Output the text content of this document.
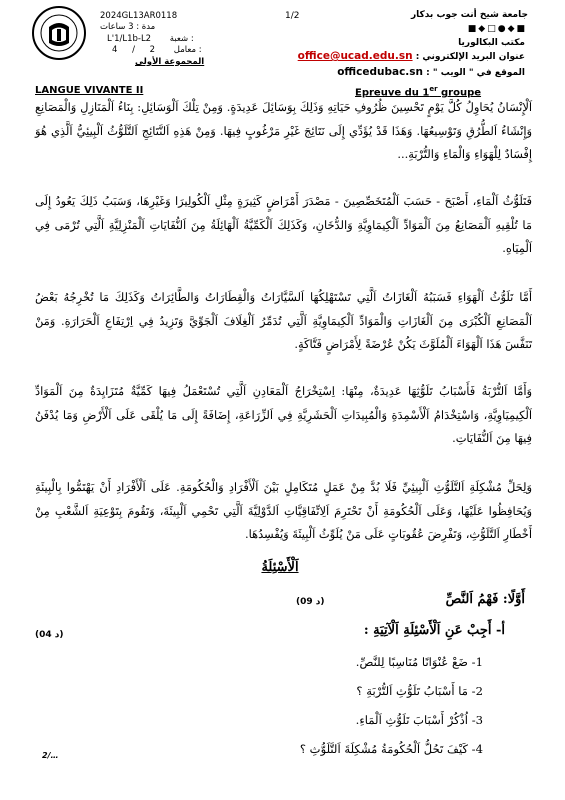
2024GL13AR0118
مدة : 3 ساعات
L'1/L1b-L2 شعبة :
4 / 2 معامل :
المجموعة الأولى
1/2	جامعة شيخ أنت جوب بدكار
■ ◆ □ ● ◆ ■
مكتب البكالوريا
عنوان البريد الإلكتروني : office@ucad.edu.sn
الموقع في " الويب " : officedubac.sn
LANGUE VIVANTE II	Epreuve du 1er groupe
اَلْإِنْسَانُ يُحَاوِلُ كُلَّ يَوْمٍ تَحْسِينَ ظُرُوفِ حَيَاتِهِ وَذَلِكَ بِوَسَائِلَ عَدِيدَةٍ. وَمِنْ تِلْكَ اَلْوَسَائِلِ: بِنَاءُ اَلْمَنَازِلِ وَالْمَصَانِعِ وَإِنْشَاءُ اَلطُّرُقِ وَتَوْسِيعُهَا. وَهَذَا قَدْ يُؤَدِّي إِلَى نَتَائِجَ غَيْرِ مَرْغُوبٍ فِيهَا. وَمِنْ هَذِهِ اَلنَّتَائِجِ اَلتَّلَوُّثُ اَلْبِيئِيُّ اَلَّذِي هُوَ إِفْسَادٌ لِلْهَوَاءِ وَالْمَاءِ وَالتُّرْبَةِ...
فَتَلَوُّثُ اَلْمَاءِ، أَصْبَحَ - حَسَبَ اَلْمُتَخَصِّصِينَ - مَصْدَرَ أَمْرَاضٍ كَثِيرَةٍ مِثْلِ اَلْكُولِيرَا وَغَيْرِهَا، وَسَبَبُ ذَلِكَ يَعُودُ إِلَى مَا تُلْقِيهِ اَلْمَصَانِعُ مِنَ اَلْمَوَادِّ اَلْكِيمَاوِيَّةِ وَالدُّخَانِ، وَكَذَلِكَ اَلْكَمِّيَّةُ اَلْهَائِلَةُ مِنَ اَلنُّفَايَاتِ اَلْمَنْزِلِيَّةِ اَلَّتِي تُرْمَى فِي اَلْمِيَاهِ.
أَمَّا تَلَوُّثُ اَلْهَوَاءِ فَسَبَبُهُ اَلْغَازَاتُ اَلَّتِي تَسْتَهْلِكُهَا اَلسَّيَّارَاتُ وَالْقِطَارَاتُ وَالطَّائِرَاتُ وَكَذَلِكَ مَا تُخْرِجُهُ بَعْضُ اَلْمَصَانِعِ اَلْكُبْرَى مِنَ اَلْغَازَاتِ وَالْمَوَادِّ اَلْكِيمَاوِيَّةِ اَلَّتِي تُدَمِّرُ اَلْغِلَافَ اَلْجَوِّيَّ وَتَزِيدُ فِي اِرْتِفَاعِ اَلْحَرَارَةِ. وَمَنْ تَنَفَّسَ هَذَا اَلْهَوَاءَ اَلْمُلَوَّثَ يَكُنْ عُرْضَةً لِأَمْرَاضٍ فَتَّاكَةٍ.
وَأَمَّا اَلتُّرْبَةُ فَأَسْبَابُ تَلَوُّثِهَا عَدِيدَةٌ، مِنْهَا: اِسْتِخْرَاجُ اَلْمَعَادِنِ اَلَّتِي تُسْتَعْمَلُ فِيهَا كَمِّيَّةٌ مُتَزَايِدَةٌ مِنَ اَلْمَوَادِّ اَلْكِيمِيَاوِيَّةِ، وَاسْتِخْدَامُ اَلْأَسْمِدَةِ وَالْمُبِيدَاتِ اَلْحَشَرِيَّةِ فِي اَلزِّرَاعَةِ، إِضَافَةً إِلَى مَا يُلْقَى عَلَى اَلْأَرْضِ وَمَا يُدْفَنُ فِيهَا مِنَ اَلنُّفَايَاتِ.
وَلِحَلِّ مُشْكِلَةِ اَلتَّلَوُّثِ اَلْبِيئِيِّ فَلَا بُدَّ مِنْ عَمَلٍ مُتَكَامِلٍ بَيْنَ اَلْأَفْرَادِ وَالْحُكُومَةِ. عَلَى اَلْأَفْرَادِ أَنْ يَهْتَمُّوا بِالْبِيئَةِ وَيُحَافِظُوا عَلَيْهَا، وَعَلَى اَلْحُكُومَةِ أَنْ تَحْتَرِمَ اَلِاتِّفَاقِيَّاتِ اَلدَّوْلِيَّةَ اَلَّتِي تَحْمِي اَلْبِيئَةَ، وَتَقُومَ بِتَوْعِيَةِ اَلشَّعْبِ مِنْ أَخْطَارِ اَلتَّلَوُّثِ، وَتَفْرِضَ عُقُوبَاتٍ عَلَى مَنْ يُلَوِّثُ اَلْبِيئَةَ وَيُفْسِدُهَا.
اَلْأَسْئِلَةُ
أَوَّلًا: فَهْمُ اَلنَّصِّ
(09 د)
أ- أَجِبْ عَنِ اَلْأَسْئِلَةِ اَلْآتِيَةِ :
(04 د)
1- ضَعْ عُنْوَانًا مُنَاسِبًا لِلنَّصِّ.
2- مَا أَسْبَابُ تَلَوُّثِ اَلتُّرْبَةِ ؟
3- اُذْكُرْ أَسْبَابَ تَلَوُّثِ اَلْمَاءِ.
4- كَيْفَ تَحُلُّ اَلْحُكُومَةُ مُشْكِلَةَ اَلتَّلَوُّثِ ؟
2/…
